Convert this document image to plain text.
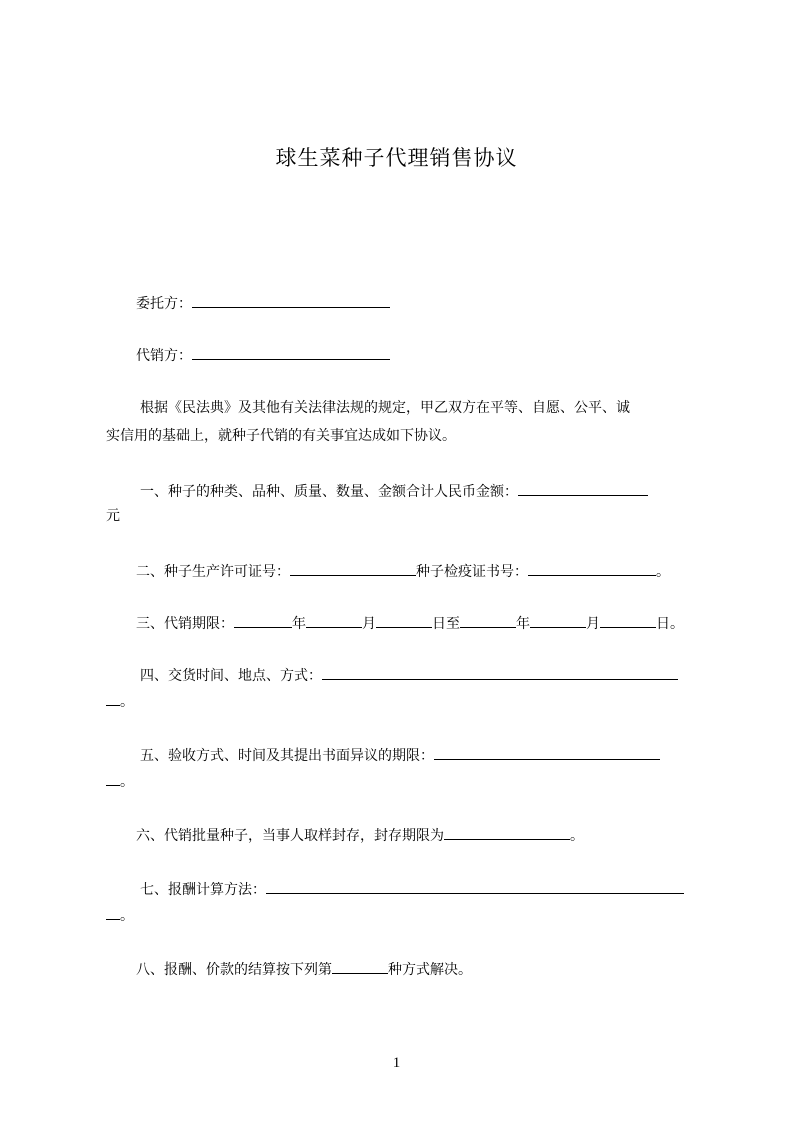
球生菜种子代理销售协议
委托方：
代销方：
根据《民法典》及其他有关法律法规的规定，甲乙双方在平等、自愿、公平、诚
实信用的基础上，就种子代销的有关事宜达成如下协议。
一、种子的种类、品种、质量、数量、金额合计人民币金额：
元
二、种子生产许可证号：	种子检疫证书号：	。
三、代销期限：	年	月	日至	年	月	日。
四、交货时间、地点、方式：
。
五、验收方式、时间及其提出书面异议的期限：
。
六、代销批量种子，当事人取样封存，封存期限为	。
七、报酬计算方法：
。
八、报酬、价款的结算按下列第	种方式解决。
1
